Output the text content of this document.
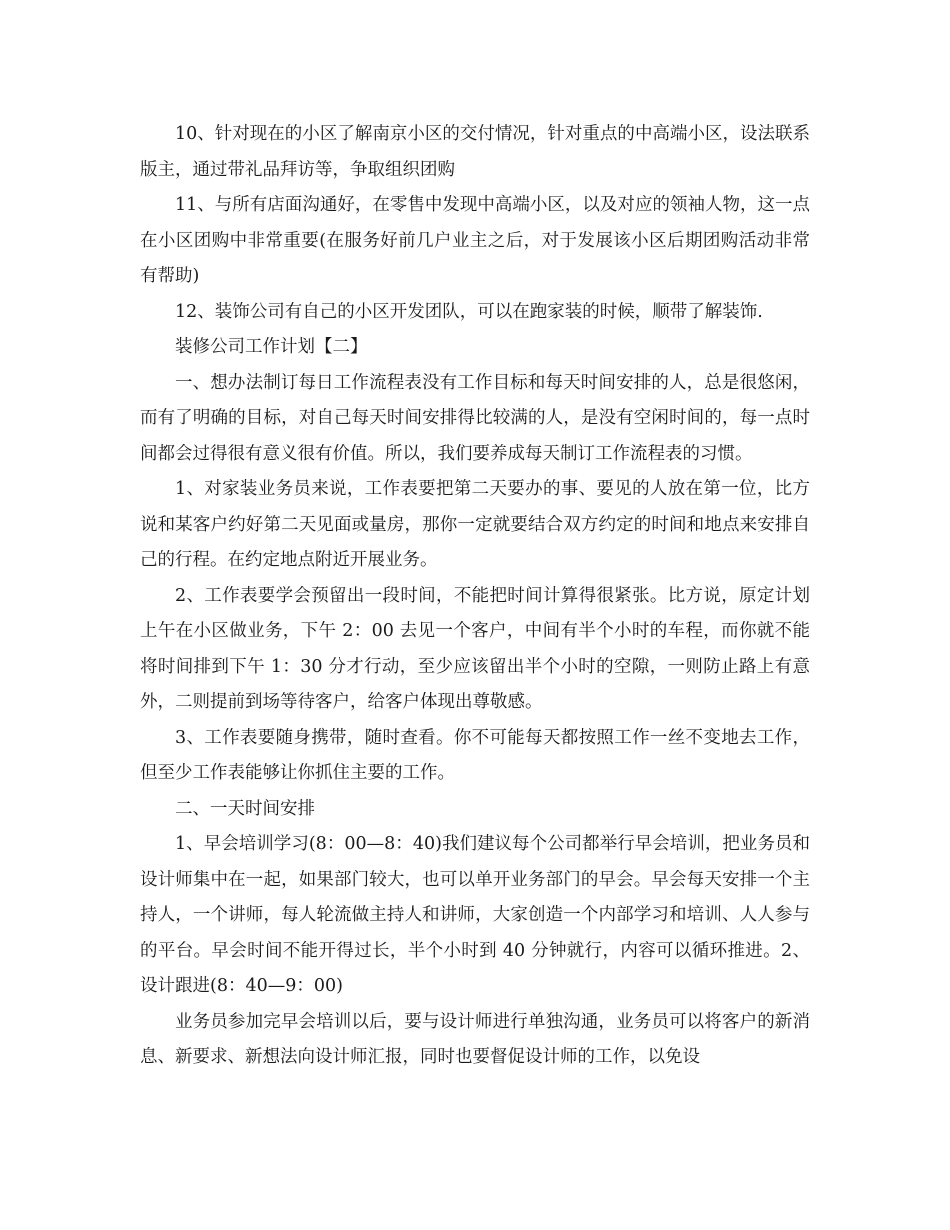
10、针对现在的小区了解南京小区的交付情况，针对重点的中高端小区，设法联系版主，通过带礼品拜访等，争取组织团购

11、与所有店面沟通好，在零售中发现中高端小区，以及对应的领袖人物，这一点在小区团购中非常重要(在服务好前几户业主之后，对于发展该小区后期团购活动非常有帮助)

12、装饰公司有自己的小区开发团队，可以在跑家装的时候，顺带了解装饰.

装修公司工作计划【二】

一、想办法制订每日工作流程表没有工作目标和每天时间安排的人，总是很悠闲，而有了明确的目标，对自己每天时间安排得比较满的人，是没有空闲时间的，每一点时间都会过得很有意义很有价值。所以，我们要养成每天制订工作流程表的习惯。

1、对家装业务员来说，工作表要把第二天要办的事、要见的人放在第一位，比方说和某客户约好第二天见面或量房，那你一定就要结合双方约定的时间和地点来安排自己的行程。在约定地点附近开展业务。

2、工作表要学会预留出一段时间，不能把时间计算得很紧张。比方说，原定计划上午在小区做业务，下午 2：00 去见一个客户，中间有半个小时的车程，而你就不能将时间排到下午 1：30 分才行动，至少应该留出半个小时的空隙，一则防止路上有意外，二则提前到场等待客户，给客户体现出尊敬感。

3、工作表要随身携带，随时查看。你不可能每天都按照工作一丝不变地去工作，但至少工作表能够让你抓住主要的工作。

二、一天时间安排

1、早会培训学习(8：00—8：40)我们建议每个公司都举行早会培训，把业务员和设计师集中在一起，如果部门较大，也可以单开业务部门的早会。早会每天安排一个主持人，一个讲师，每人轮流做主持人和讲师，大家创造一个内部学习和培训、人人参与的平台。早会时间不能开得过长，半个小时到 40 分钟就行，内容可以循环推进。2、设计跟进(8：40—9：00)

业务员参加完早会培训以后，要与设计师进行单独沟通，业务员可以将客户的新消息、新要求、新想法向设计师汇报，同时也要督促设计师的工作，以免设
